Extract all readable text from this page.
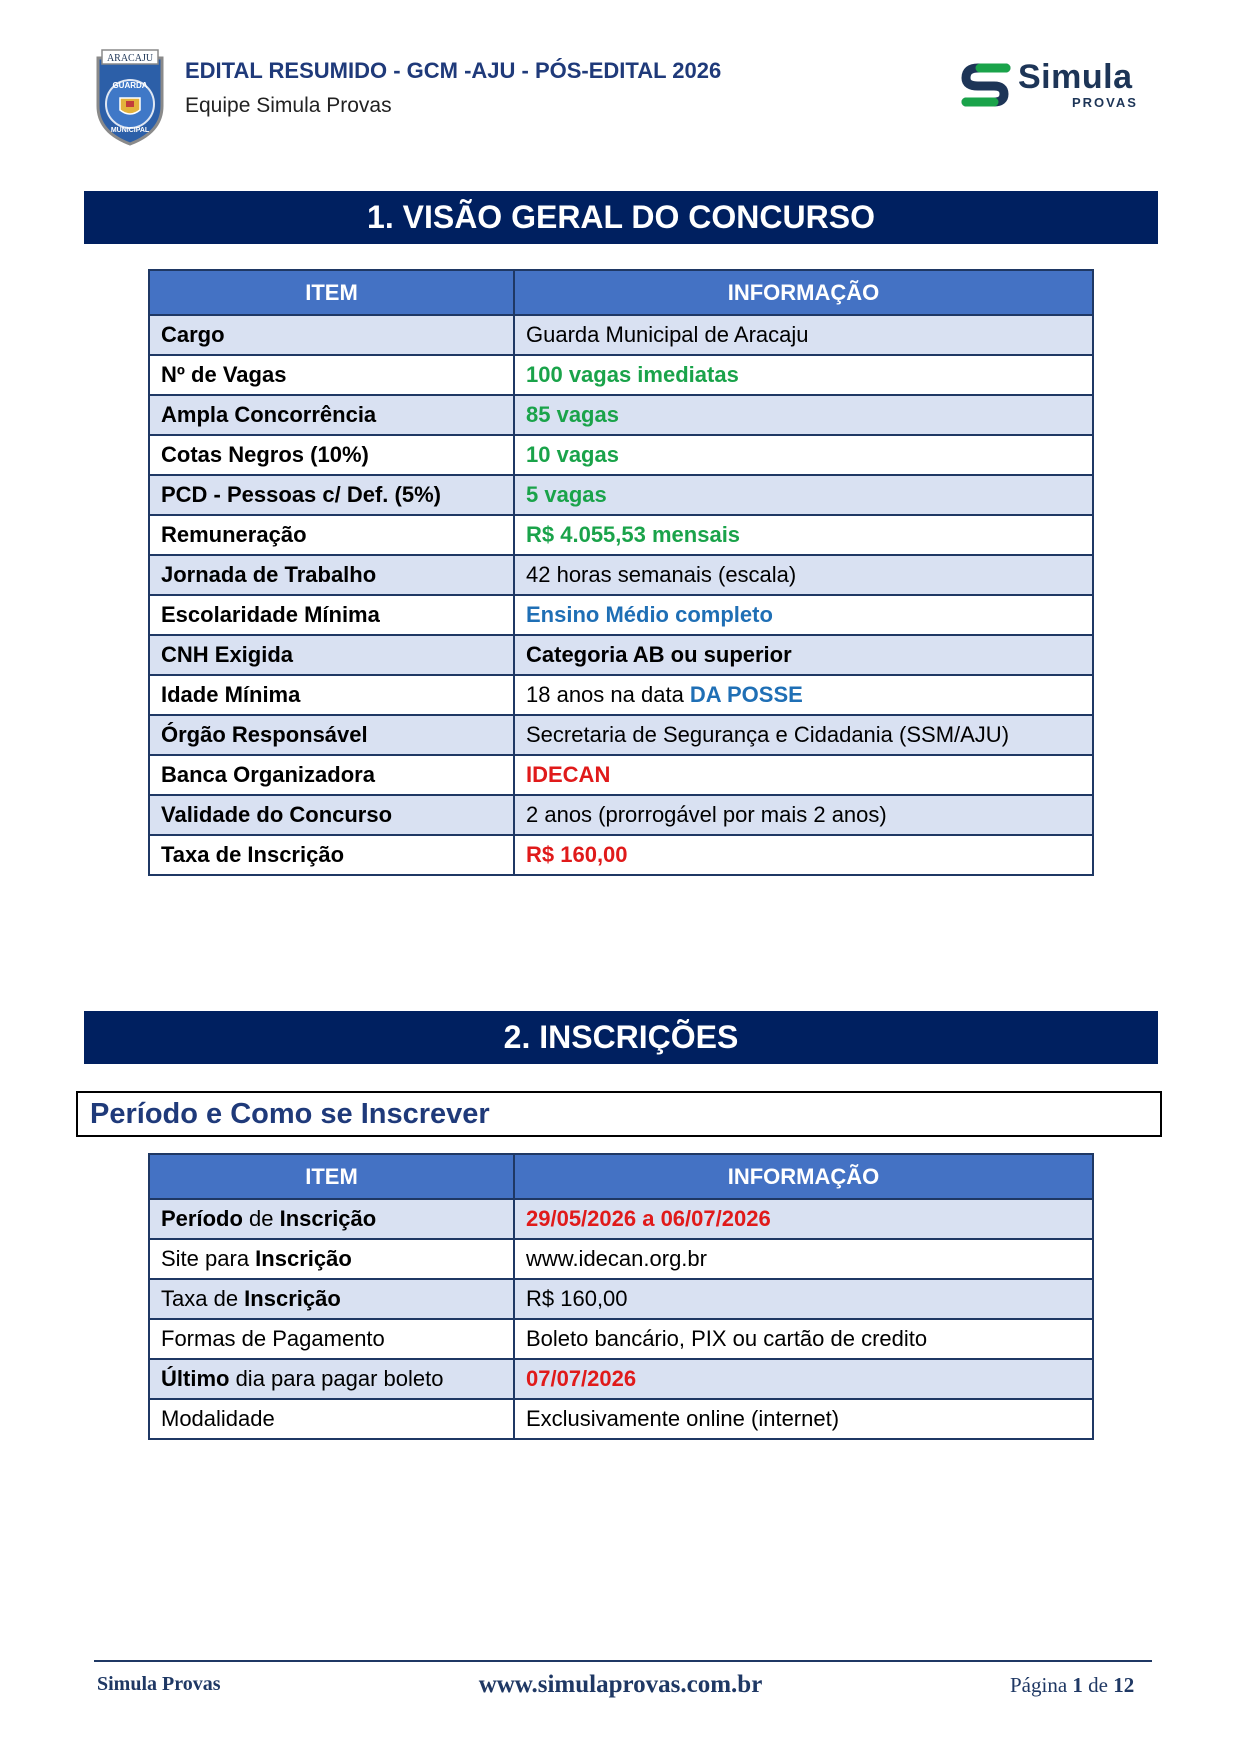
ARACAJU
GUARDA
MUNICIPAL
EDITAL RESUMIDO - GCM -AJU - PÓS-EDITAL 2026
Equipe Simula Provas
Simula
PROVAS
1. VISÃO GERAL DO CONCURSO
ITEM	INFORMAÇÃO
Cargo	Guarda Municipal de Aracaju
Nº de Vagas	100 vagas imediatas
Ampla Concorrência	85 vagas
Cotas Negros (10%)	10 vagas
PCD - Pessoas c/ Def. (5%)	5 vagas
Remuneração	R$ 4.055,53 mensais
Jornada de Trabalho	42 horas semanais (escala)
Escolaridade Mínima	Ensino Médio completo
CNH Exigida	Categoria AB ou superior
Idade Mínima	18 anos na data DA POSSE
Órgão Responsável	Secretaria de Segurança e Cidadania (SSM/AJU)
Banca Organizadora	IDECAN
Validade do Concurso	2 anos (prorrogável por mais 2 anos)
Taxa de Inscrição	R$ 160,00
2. INSCRIÇÕES
Período e Como se Inscrever
ITEM	INFORMAÇÃO
Período de Inscrição	29/05/2026 a 06/07/2026
Site para Inscrição	www.idecan.org.br
Taxa de Inscrição	R$ 160,00
Formas de Pagamento	Boleto bancário, PIX ou cartão de credito
Último dia para pagar boleto	07/07/2026
Modalidade	Exclusivamente online (internet)
Simula Provas	www.simulaprovas.com.br	Página 1 de 12
